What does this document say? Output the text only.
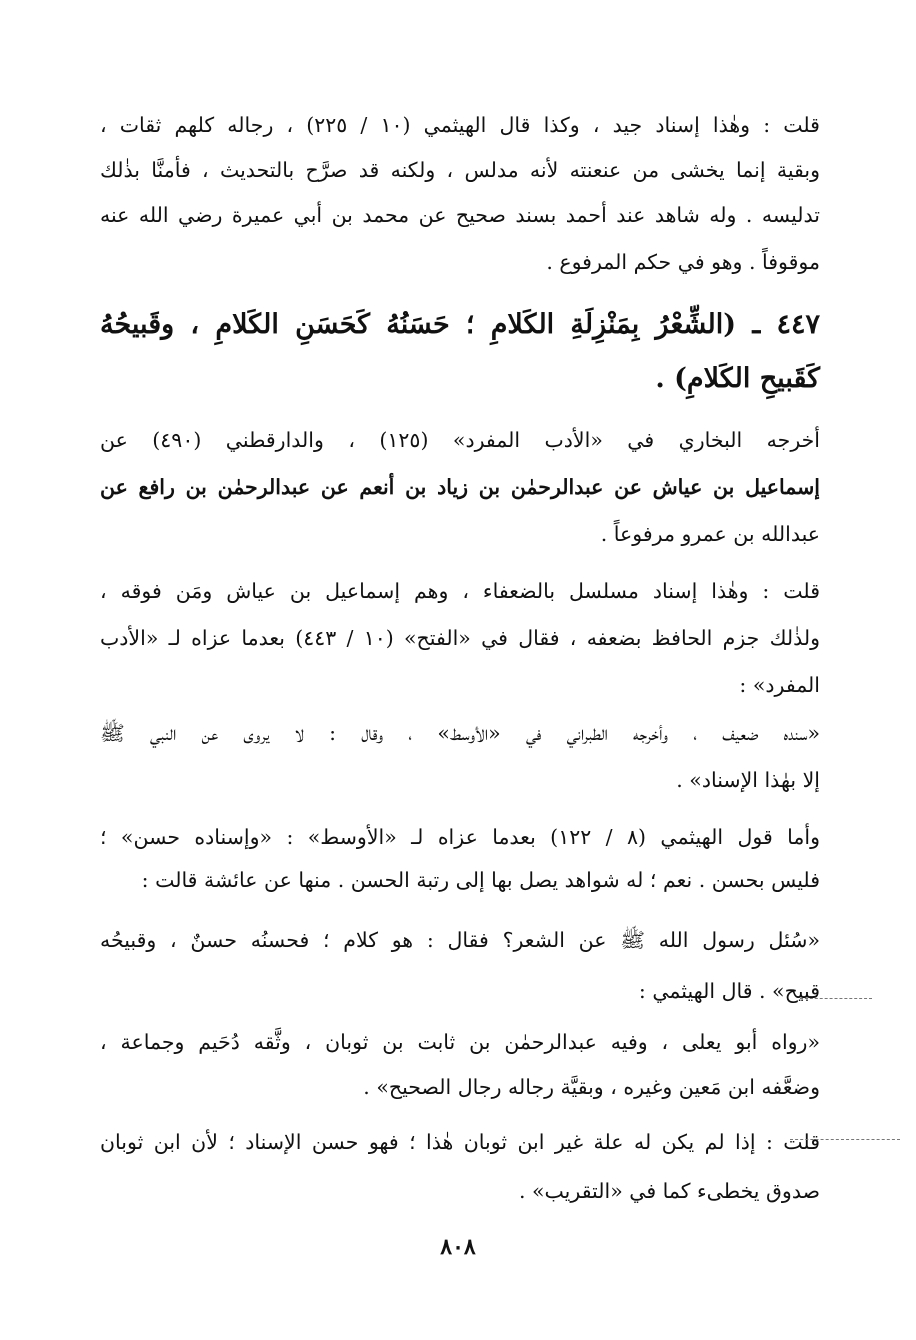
قلت : وهٰذا إسناد جيد ، وكذا قال الهيثمي (١٠ / ٢٢٥) ، رجاله كلهم ثقات ،
وبقية إنما يخشى من عنعنته لأنه مدلس ، ولكنه قد صرَّح بالتحديث ، فأمنَّا بذٰلك
تدليسه . وله شاهد عند أحمد بسند صحيح عن محمد بن أبي عميرة رضي الله عنه
موقوفاً . وهو في حكم المرفوع .
٤٤٧ ـ (الشِّعْرُ بِمَنْزِلَةِ الكَلامِ ؛ حَسَنُهُ كَحَسَنِ الكَلامِ ، وقَبيحُهُ
كَقَبيحِ الكَلامِ) .
أخرجه البخاري في «الأدب المفرد» (١٢٥) ، والدارقطني (٤٩٠) عن
إسماعيل بن عياش عن عبدالرحمٰن بن زياد بن أنعم عن عبدالرحمٰن بن رافع عن
عبدالله بن عمرو مرفوعاً .
قلت : وهٰذا إسناد مسلسل بالضعفاء ، وهم إسماعيل بن عياش ومَن فوقه ،
ولذٰلك جزم الحافظ بضعفه ، فقال في «الفتح» (١٠ / ٤٤٣) بعدما عزاه لـ «الأدب
المفرد» :
«سنده ضعيف ، وأخرجه الطبراني في «الأوسط» ، وقال : لا يروى عن النبي ﷺ
إلا بهٰذا الإسناد» .
وأما قول الهيثمي (٨ / ١٢٢) بعدما عزاه لـ «الأوسط» : «وإسناده حسن» ؛
فليس بحسن . نعم ؛ له شواهد يصل بها إلى رتبة الحسن . منها عن عائشة قالت :
«سُئل رسول الله ﷺ عن الشعر؟ فقال : هو كلام ؛ فحسنُه حسنٌ ، وقبيحُه
قبيح» . قال الهيثمي :
«رواه أبو يعلى ، وفيه عبدالرحمٰن بن ثابت بن ثوبان ، وثَّقه دُحَيم وجماعة ،
وضعَّفه ابن مَعين وغيره ، وبقيَّة رجاله رجال الصحيح» .
قلت : إذا لم يكن له علة غير ابن ثوبان هٰذا ؛ فهو حسن الإسناد ؛ لأن ابن ثوبان
صدوق يخطىء كما في «التقريب» .
٨٠٨
